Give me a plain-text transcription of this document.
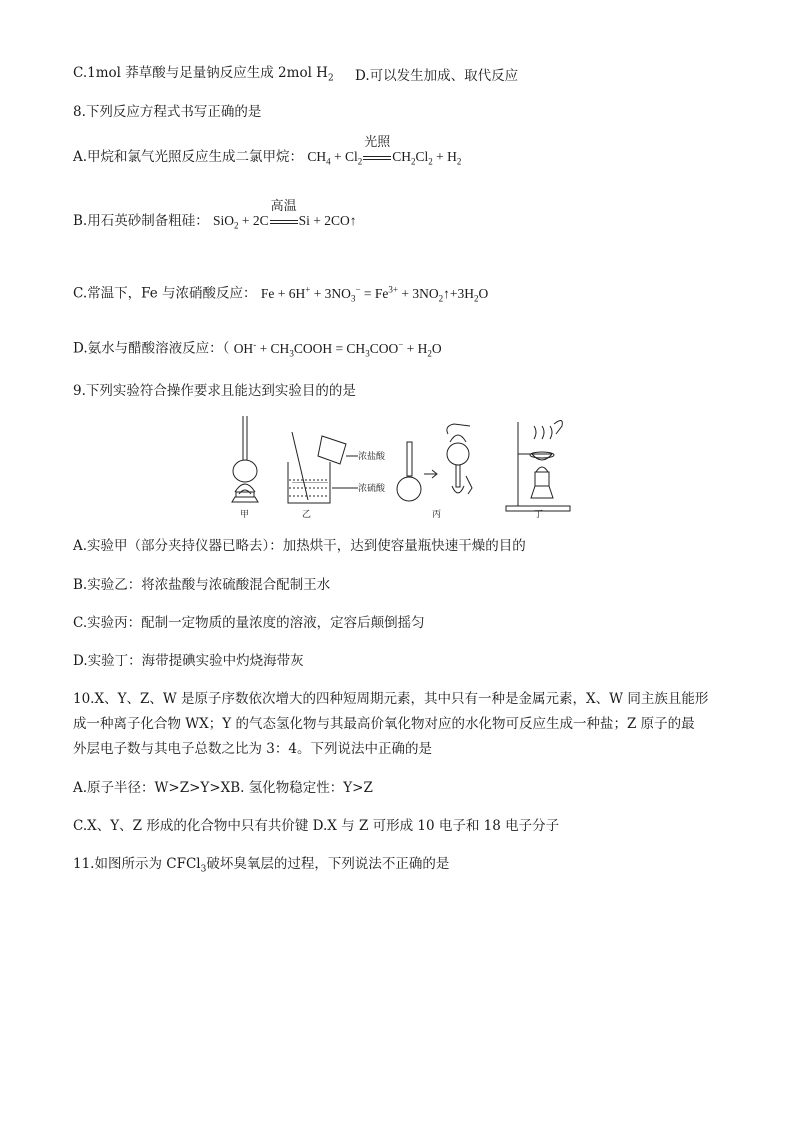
C.1mol 莽草酸与足量钠反应生成 2mol $H_2$ D.可以发生加成、取代反应
8.下列反应方程式书写正确的是
A.甲烷和氯气光照反应生成二氯甲烷： $CH_4 + Cl_2$
光照
$CH_2Cl_2 + H_2$
B.用石英砂制备粗硅： SiO$_2$ + 2C
高温
Si + 2CO↑
C.常温下，Fe 与浓硝酸反应： $Fe + 6H^+ + 3NO_3^- = Fe^{3+}$ + $3NO_2↑+3H_2O$
D.氨水与醋酸溶液反应：（ $OH^- + CH_3COOH = CH_3COO^- + H_2O$
9.下列实验符合操作要求且能达到实验目的的是
甲	乙	丙	丁
浓盐酸
浓硫酸
A.实验甲（部分夹持仪器已略去）：加热烘干，达到使容量瓶快速干燥的目的
B.实验乙：将浓盐酸与浓硫酸混合配制王水
C.实验丙：配制一定物质的量浓度的溶液，定容后颠倒摇匀
D.实验丁：海带提碘实验中灼烧海带灰
10.X、Y、Z、W 是原子序数依次增大的四种短周期元素，其中只有一种是金属元素，X、W 同主族且能形
成一种离子化合物 WX；Y 的气态氢化物与其最高价氧化物对应的水化物可反应生成一种盐；Z 原子的最
外层电子数与其电子总数之比为 3：4。下列说法中正确的是
A.原子半径：W>Z>Y>XB. 氢化物稳定性：Y>Z
C.X、Y、Z 形成的化合物中只有共价键 D.X 与 Z 可形成 10 电子和 18 电子分子
11.如图所示为 CFCl$_3$破坏臭氧层的过程，下列说法不正确的是
